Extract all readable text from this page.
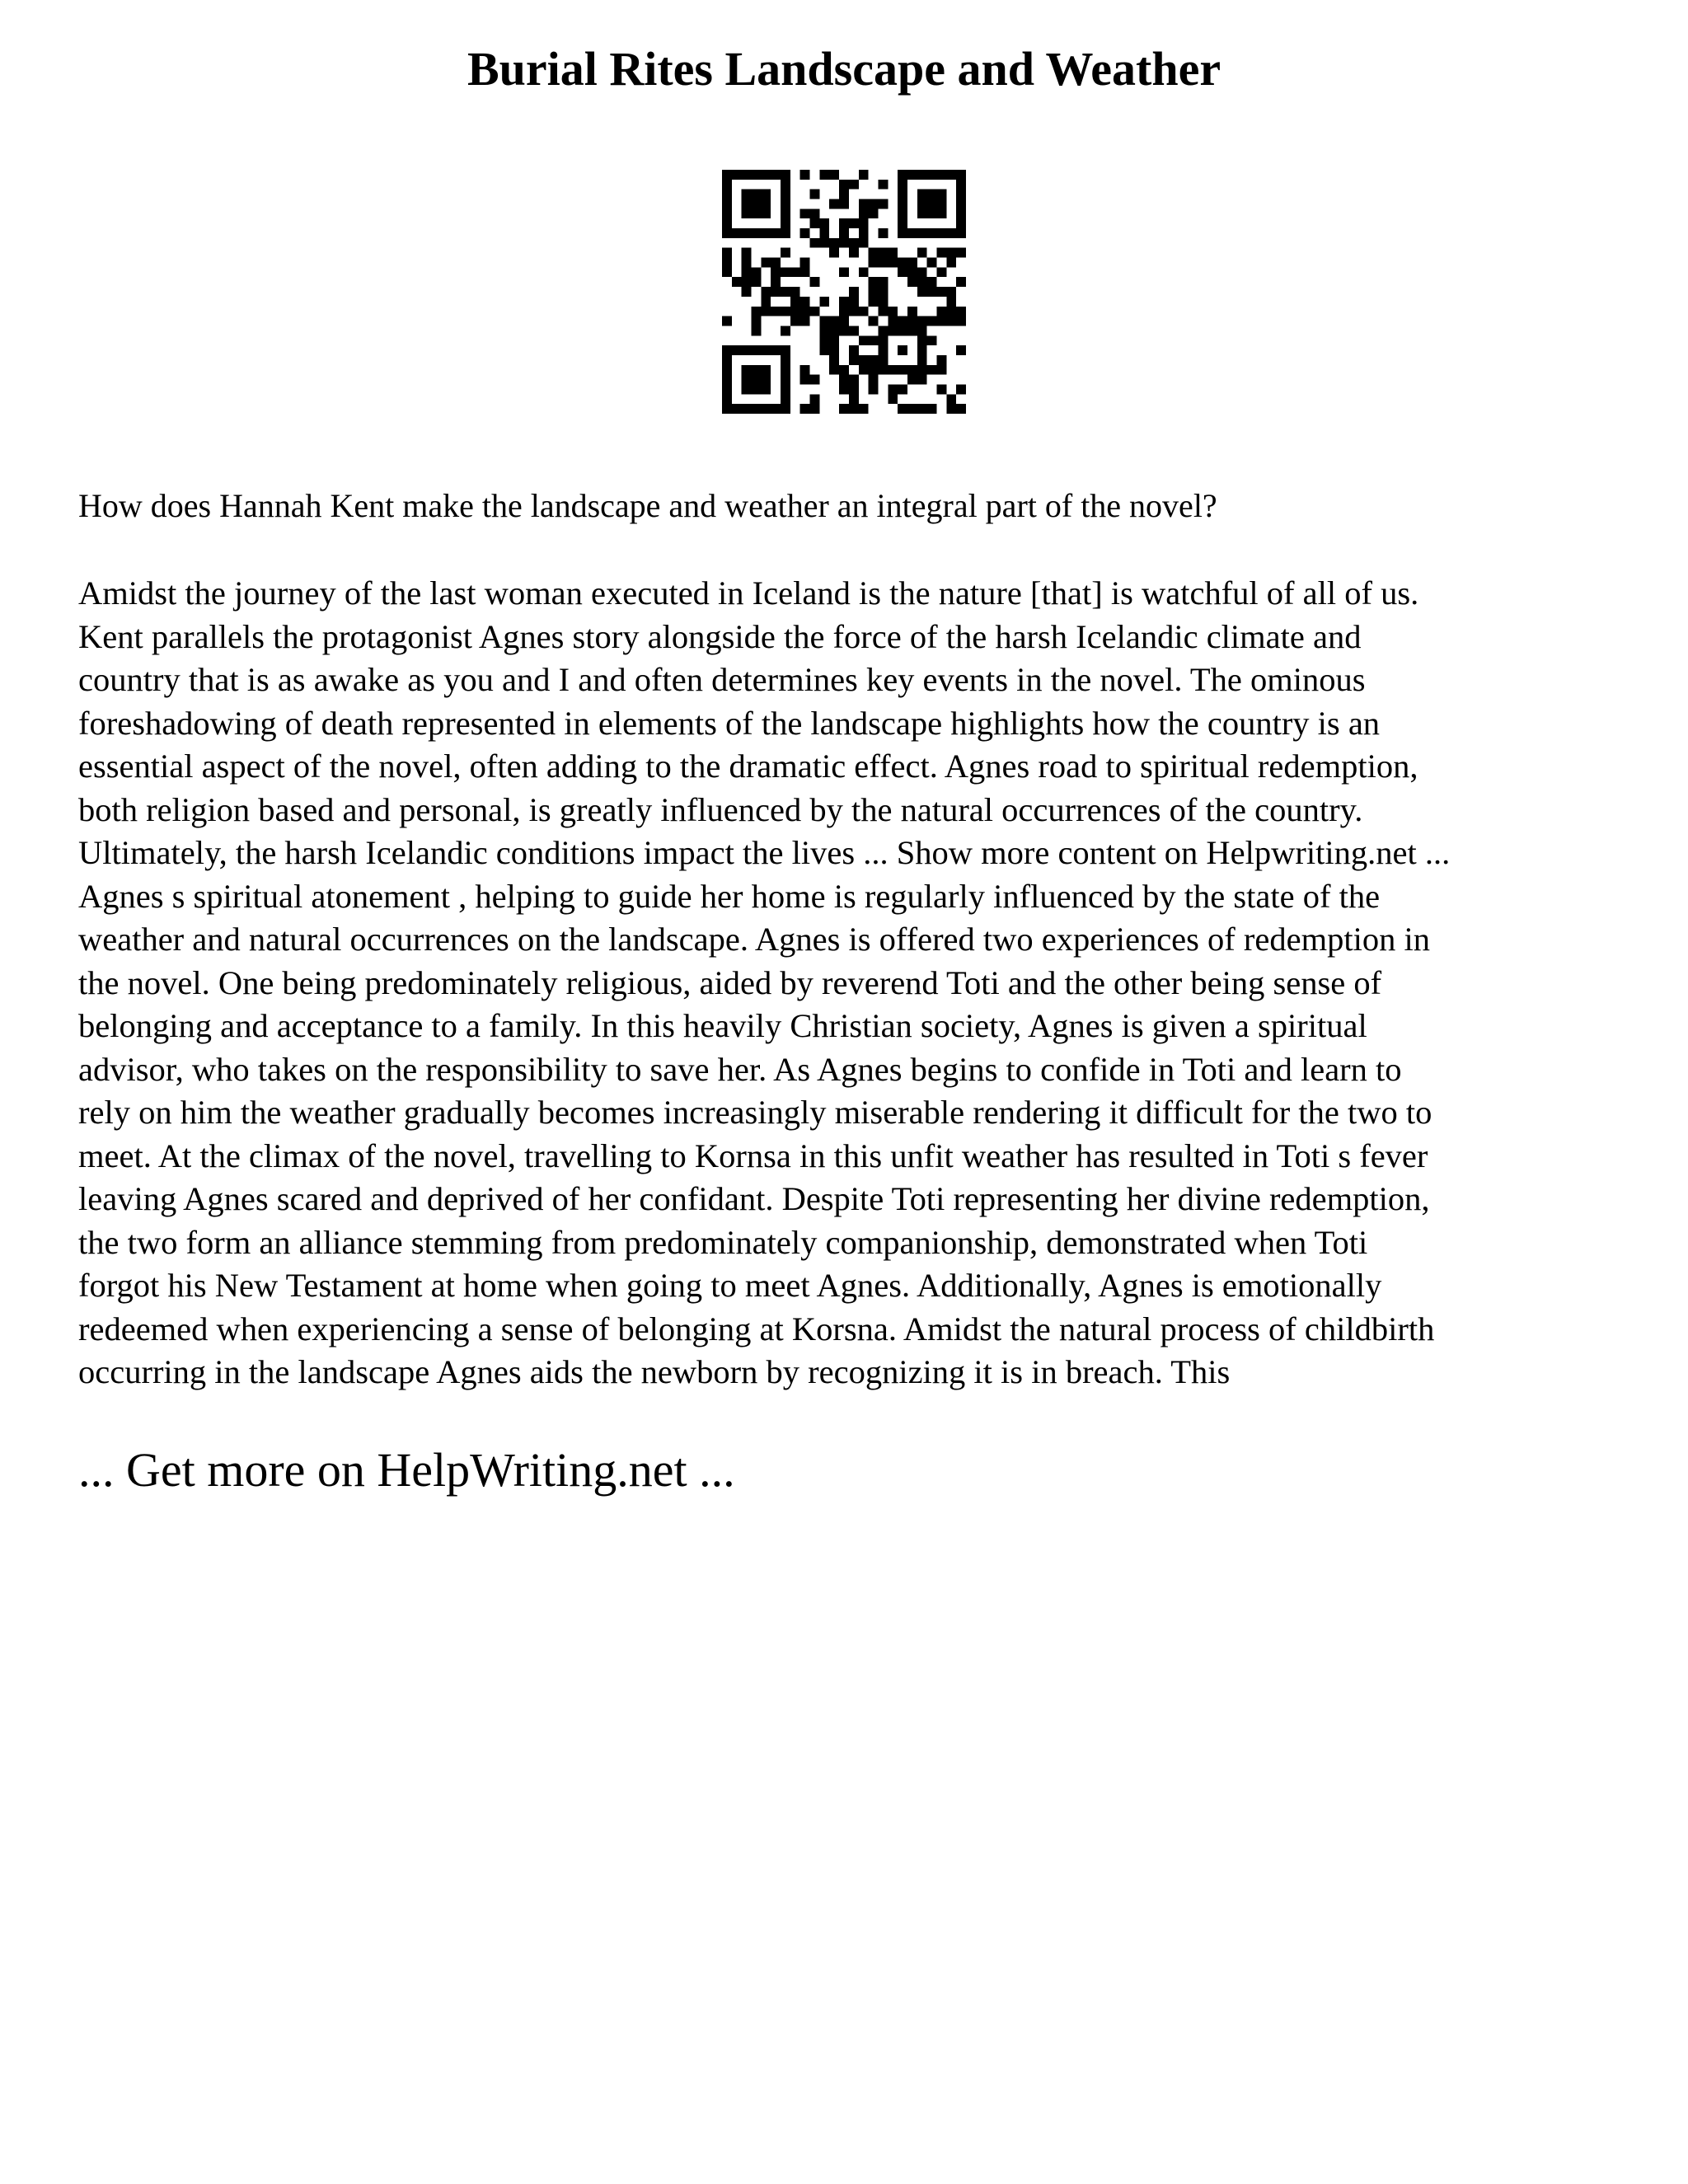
Burial Rites Landscape and Weather

How does Hannah Kent make the landscape and weather an integral part of the novel?

Amidst the journey of the last woman executed in Iceland is the nature [that] is watchful of all of us.
Kent parallels the protagonist Agnes story alongside the force of the harsh Icelandic climate and
country that is as awake as you and I and often determines key events in the novel. The ominous
foreshadowing of death represented in elements of the landscape highlights how the country is an
essential aspect of the novel, often adding to the dramatic effect. Agnes road to spiritual redemption,
both religion based and personal, is greatly influenced by the natural occurrences of the country.
Ultimately, the harsh Icelandic conditions impact the lives ... Show more content on Helpwriting.net ...
Agnes s spiritual atonement , helping to guide her home is regularly influenced by the state of the
weather and natural occurrences on the landscape. Agnes is offered two experiences of redemption in
the novel. One being predominately religious, aided by reverend Toti and the other being sense of
belonging and acceptance to a family. In this heavily Christian society, Agnes is given a spiritual
advisor, who takes on the responsibility to save her. As Agnes begins to confide in Toti and learn to
rely on him the weather gradually becomes increasingly miserable rendering it difficult for the two to
meet. At the climax of the novel, travelling to Kornsa in this unfit weather has resulted in Toti s fever
leaving Agnes scared and deprived of her confidant. Despite Toti representing her divine redemption,
the two form an alliance stemming from predominately companionship, demonstrated when Toti
forgot his New Testament at home when going to meet Agnes. Additionally, Agnes is emotionally
redeemed when experiencing a sense of belonging at Korsna. Amidst the natural process of childbirth
occurring in the landscape Agnes aids the newborn by recognizing it is in breach. This

... Get more on HelpWriting.net ...
